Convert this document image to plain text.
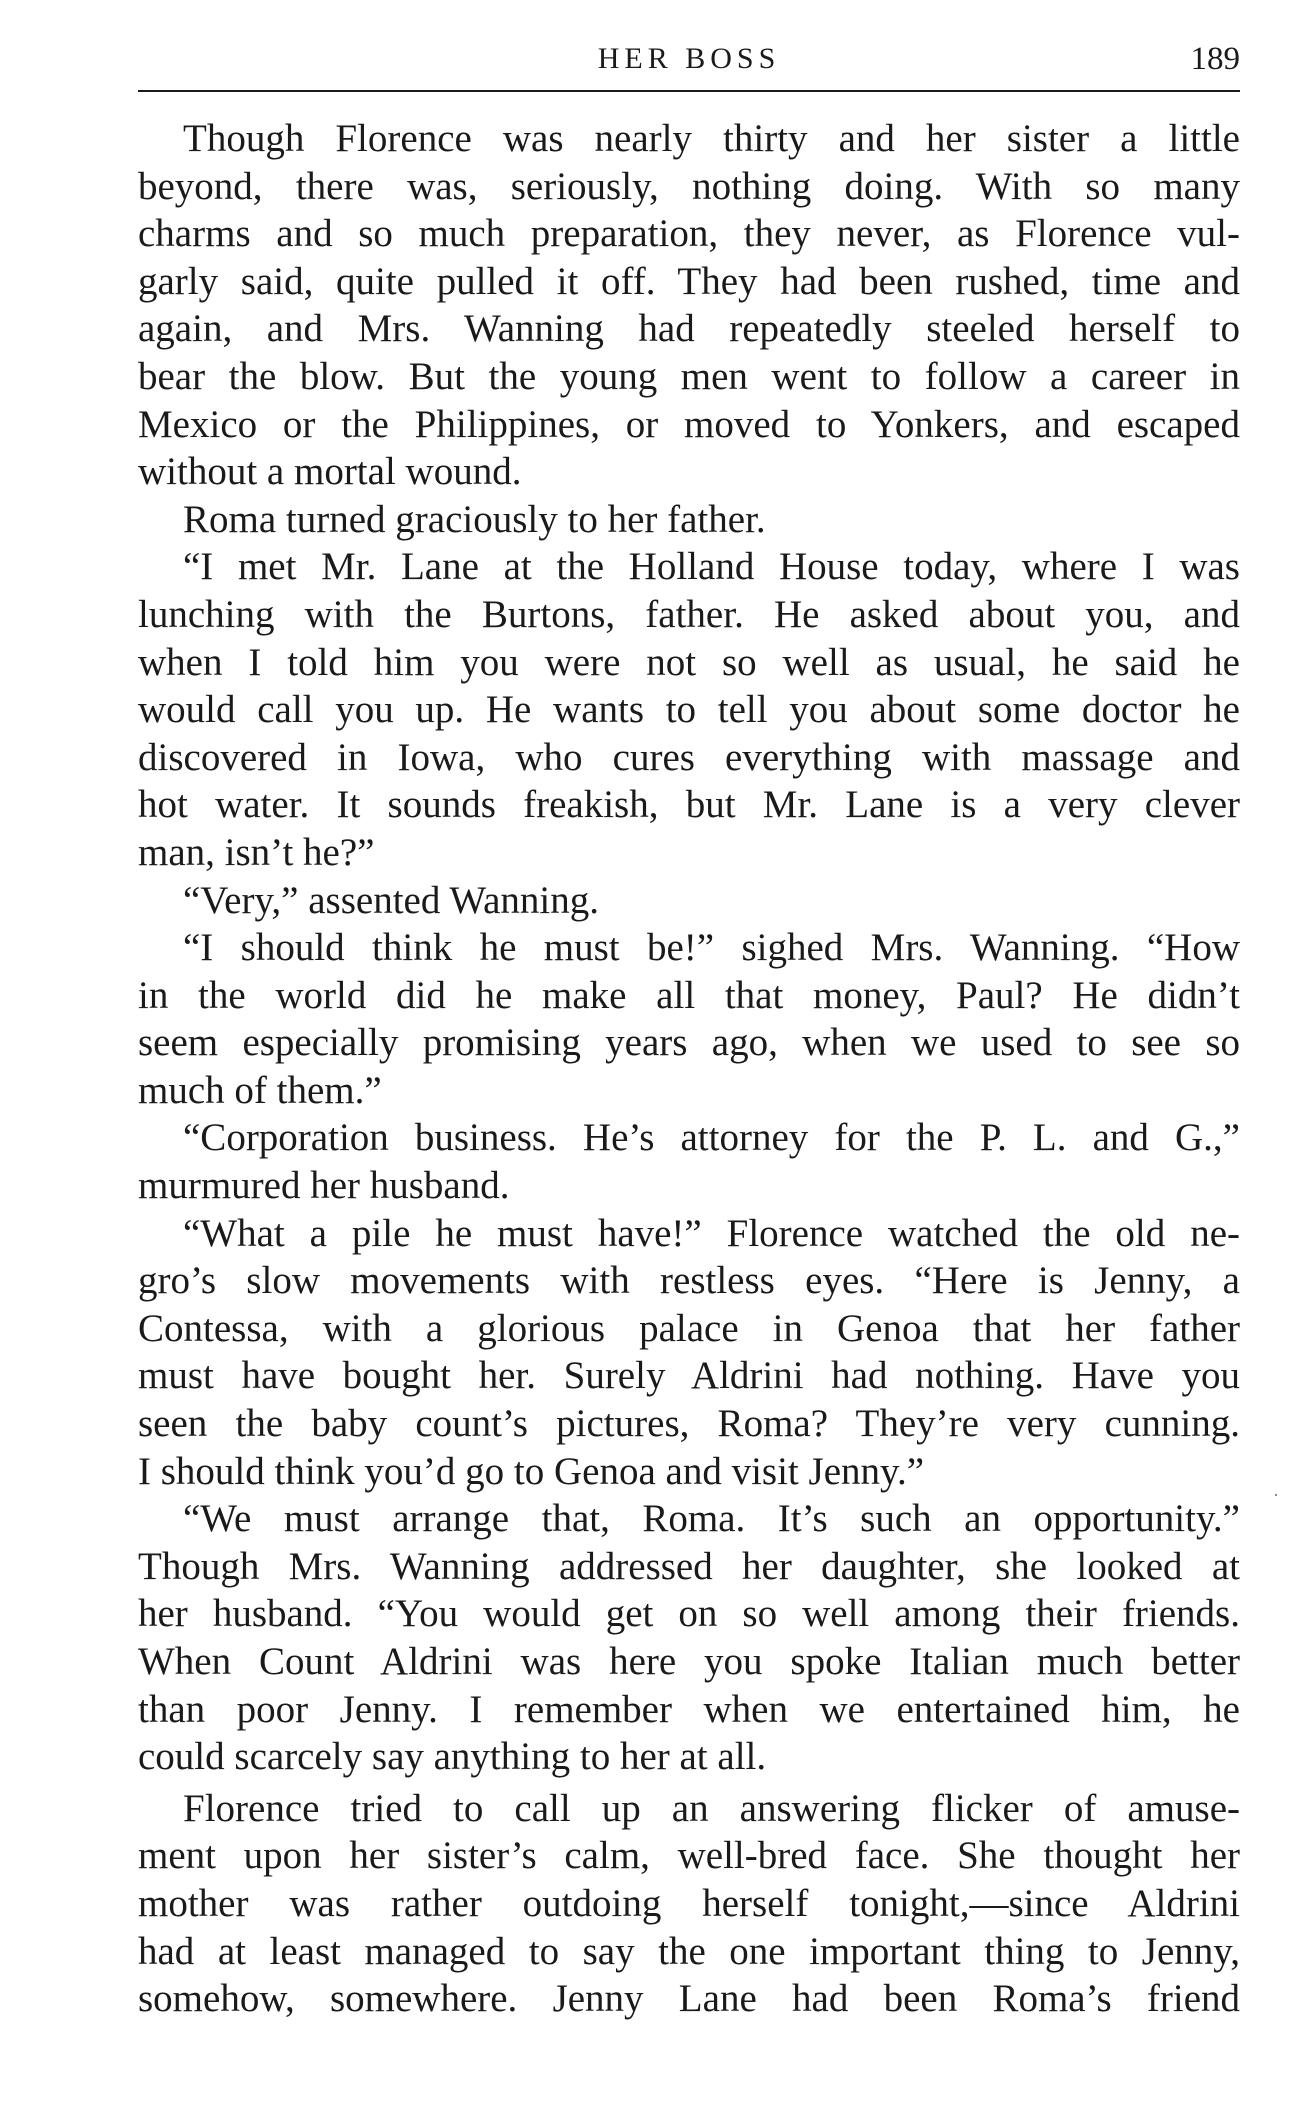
HER BOSS	189
Though Florence was nearly thirty and her sister a little
beyond, there was, seriously, nothing doing. With so many
charms and so much preparation, they never, as Florence vul-
garly said, quite pulled it off. They had been rushed, time and
again, and Mrs. Wanning had repeatedly steeled herself to
bear the blow. But the young men went to follow a career in
Mexico or the Philippines, or moved to Yonkers, and escaped
without a mortal wound.
Roma turned graciously to her father.
“I met Mr. Lane at the Holland House today, where I was
lunching with the Burtons, father. He asked about you, and
when I told him you were not so well as usual, he said he
would call you up. He wants to tell you about some doctor he
discovered in Iowa, who cures everything with massage and
hot water. It sounds freakish, but Mr. Lane is a very clever
man, isn’t he?”
“Very,” assented Wanning.
“I should think he must be!” sighed Mrs. Wanning. “How
in the world did he make all that money, Paul? He didn’t
seem especially promising years ago, when we used to see so
much of them.”
“Corporation business. He’s attorney for the P. L. and G.,”
murmured her husband.
“What a pile he must have!” Florence watched the old ne-
gro’s slow movements with restless eyes. “Here is Jenny, a
Contessa, with a glorious palace in Genoa that her father
must have bought her. Surely Aldrini had nothing. Have you
seen the baby count’s pictures, Roma? They’re very cunning.
I should think you’d go to Genoa and visit Jenny.”
“We must arrange that, Roma. It’s such an opportunity.”
Though Mrs. Wanning addressed her daughter, she looked at
her husband. “You would get on so well among their friends.
When Count Aldrini was here you spoke Italian much better
than poor Jenny. I remember when we entertained him, he
could scarcely say anything to her at all.
Florence tried to call up an answering flicker of amuse-
ment upon her sister’s calm, well-bred face. She thought her
mother was rather outdoing herself tonight,—since Aldrini
had at least managed to say the one important thing to Jenny,
somehow, somewhere. Jenny Lane had been Roma’s friend
